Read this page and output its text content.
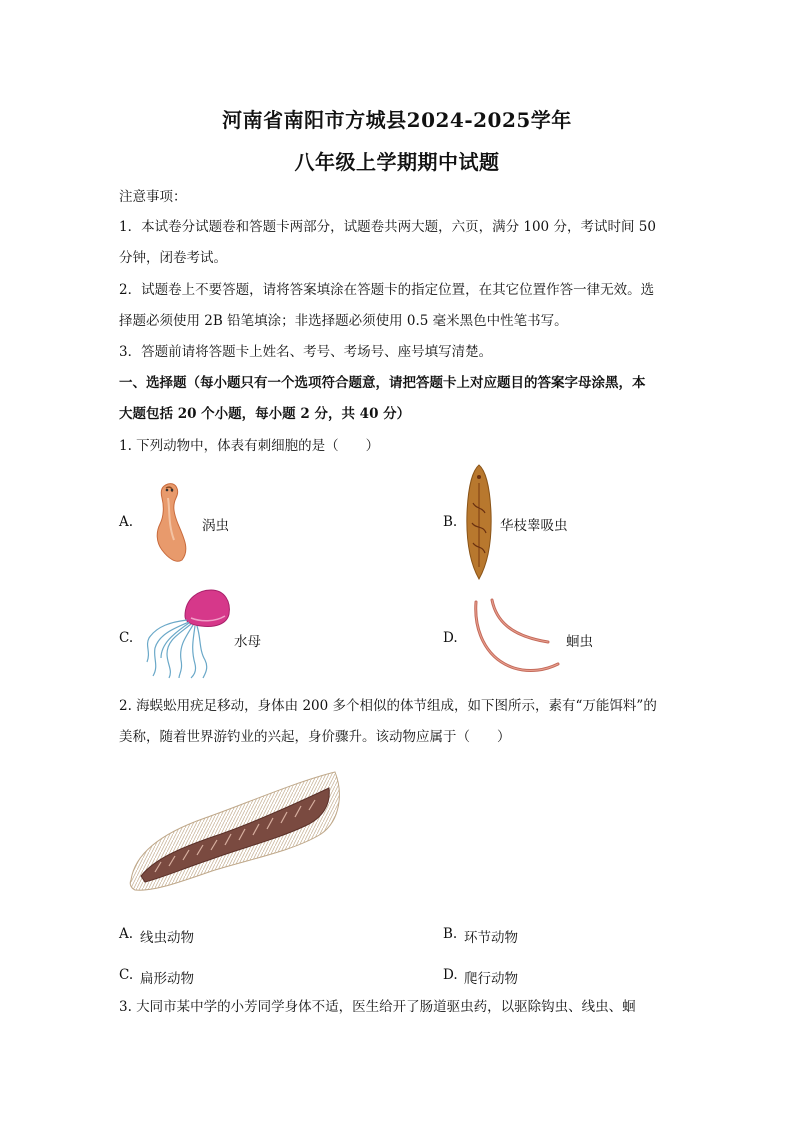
河南省南阳市方城县2024-2025学年
八年级上学期期中试题
注意事项：
1．本试卷分试题卷和答题卡两部分，试题卷共两大题，六页，满分 100 分，考试时间 50
分钟，闭卷考试。
2．试题卷上不要答题，请将答案填涂在答题卡的指定位置，在其它位置作答一律无效。选
择题必须使用 2B 铅笔填涂；非选择题必须使用 0.5 毫米黑色中性笔书写。
3．答题前请将答题卡上姓名、考号、考场号、座号填写清楚。
一、选择题（每小题只有一个选项符合题意，请把答题卡上对应题目的答案字母涂黑，本
大题包括 20 个小题，每小题 2 分，共 40 分）
1. 下列动物中，体表有刺细胞的是（　　）
A.	涡虫	B.	华枝睾吸虫
C.	水母	D.	蛔虫
2. 海蜈蚣用疣足移动，身体由 200 多个相似的体节组成，如下图所示，素有“万能饵料”的
美称，随着世界游钓业的兴起，身价骤升。该动物应属于（　　）
A. 线虫动物	B. 环节动物
C. 扁形动物	D. 爬行动物
3. 大同市某中学的小芳同学身体不适，医生给开了肠道驱虫药，以驱除钩虫、线虫、蛔
